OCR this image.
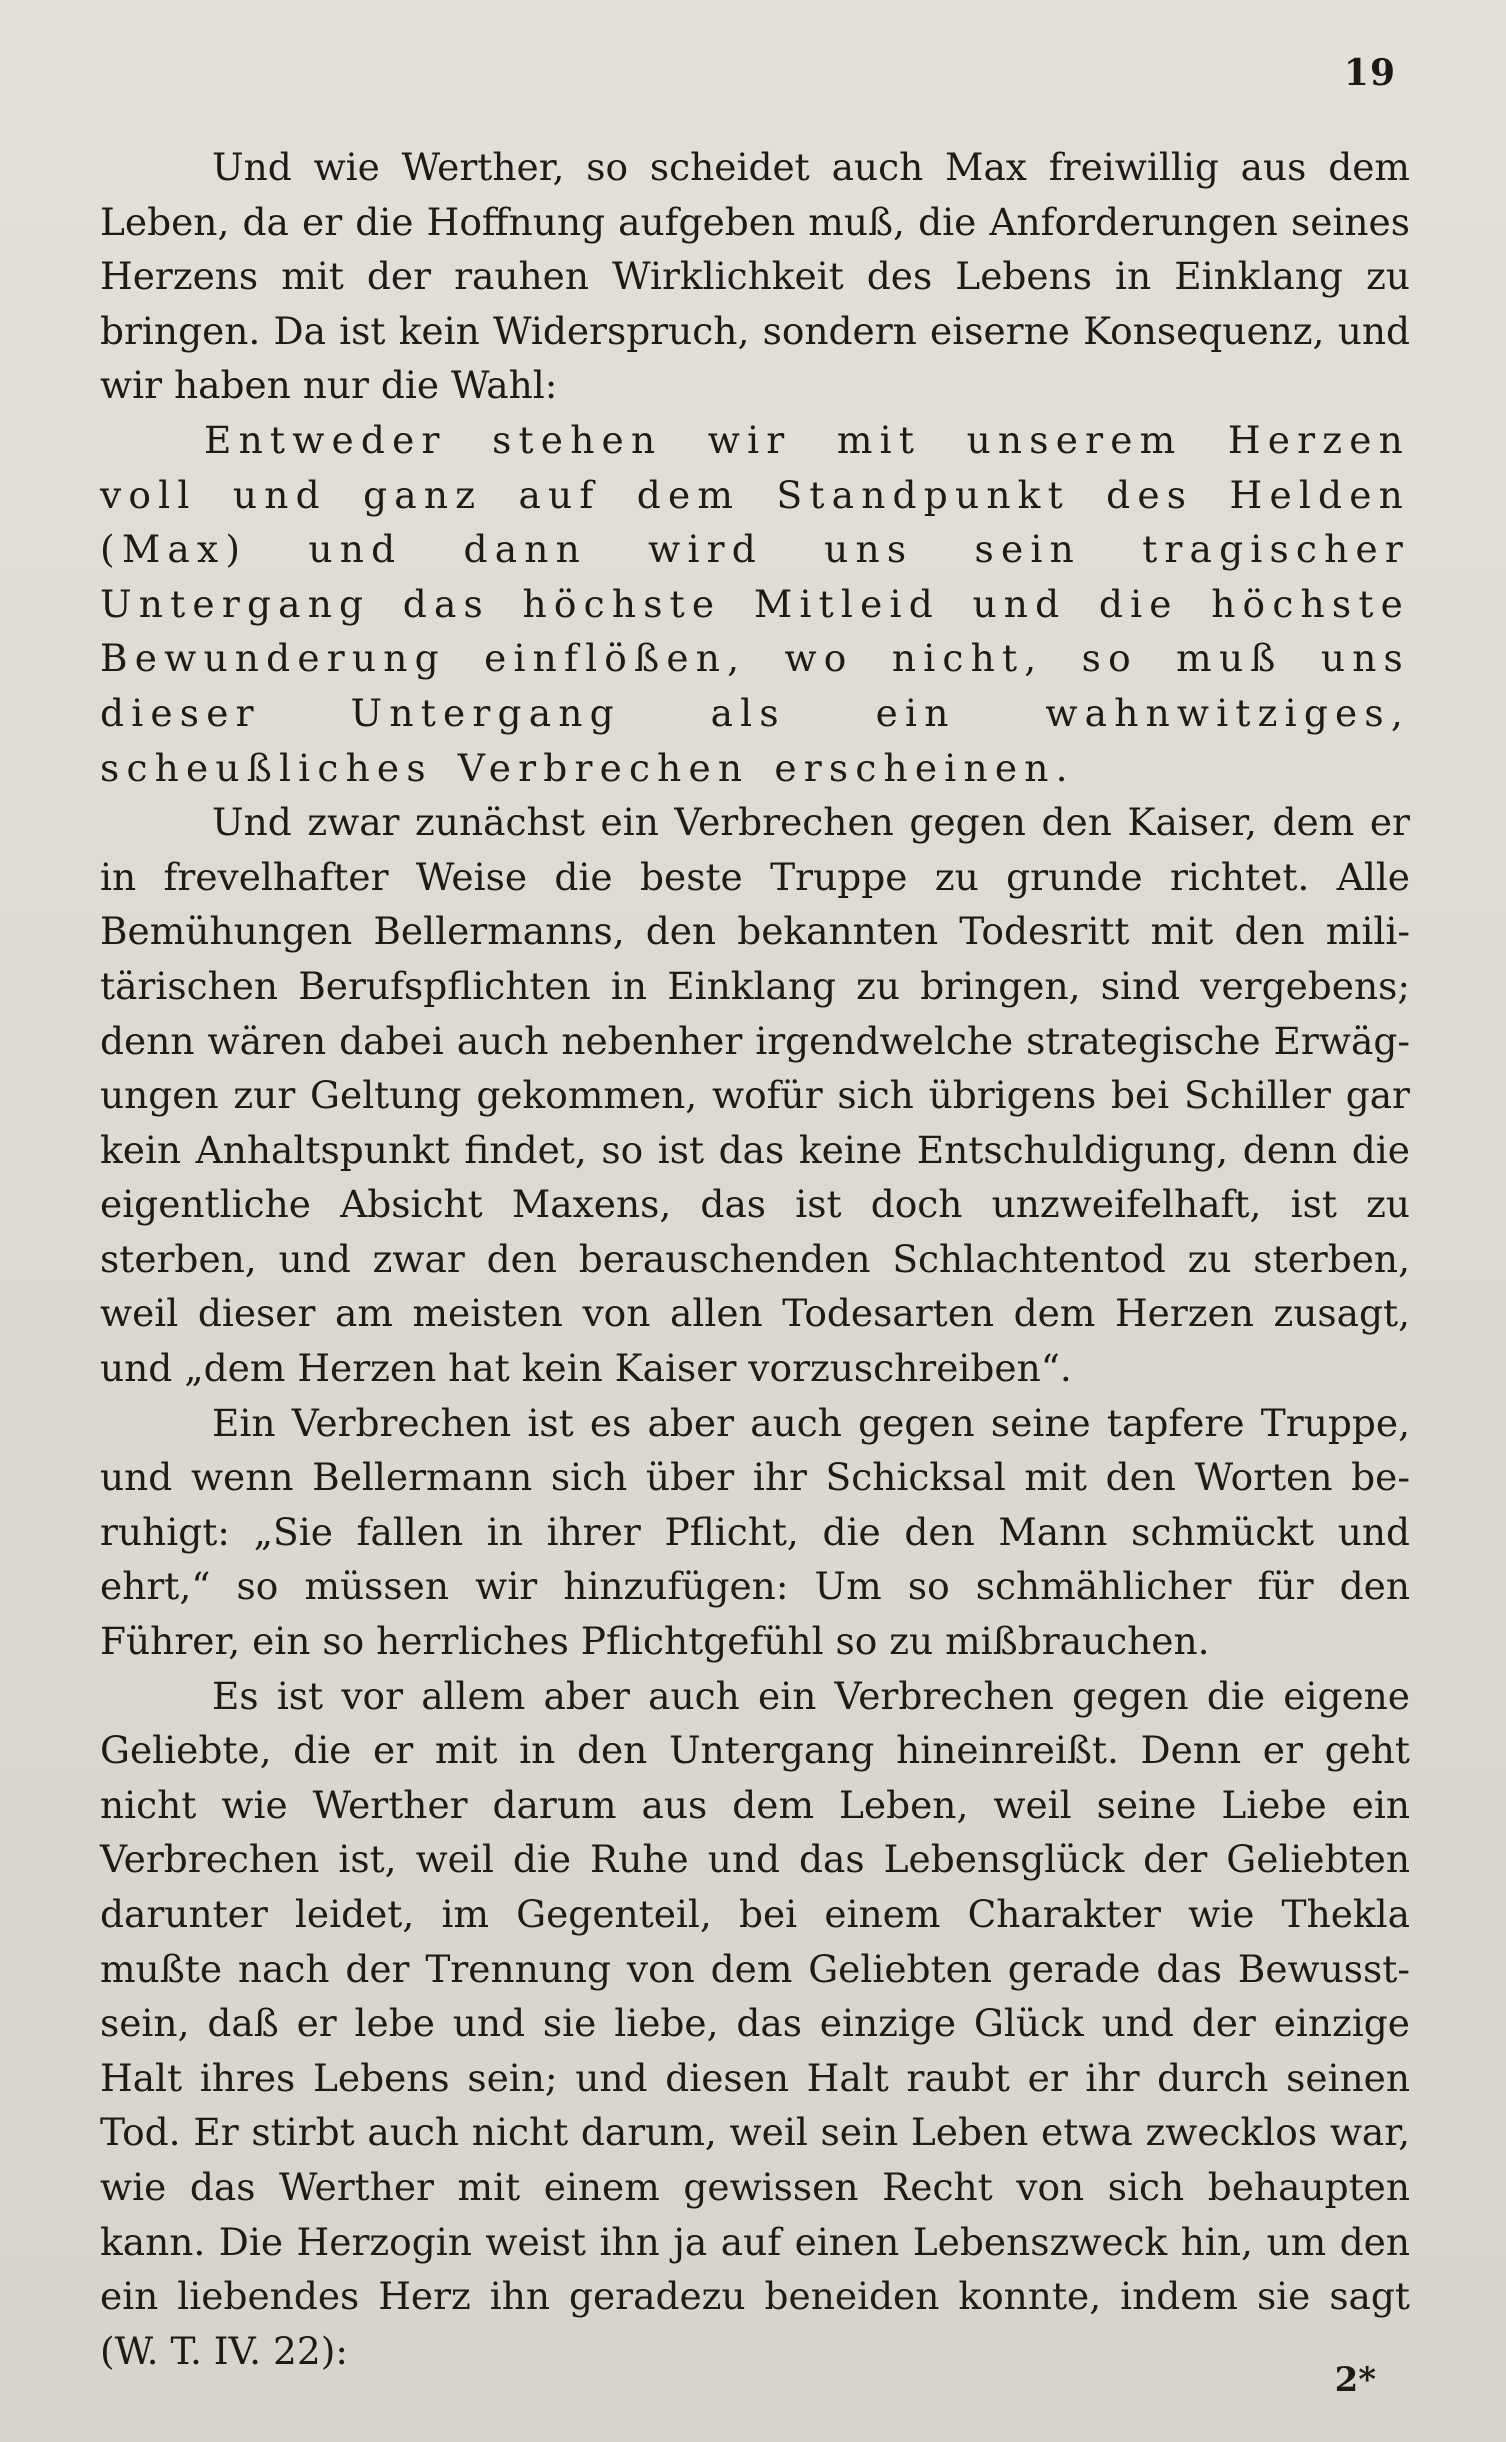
19

Und wie Werther, so scheidet auch Max freiwillig aus dem Leben, da er die Hoffnung aufgeben muß, die Anforderungen seines Herzens mit der rauhen Wirklichkeit des Lebens in Einklang zu bringen. Da ist kein Widerspruch, sondern eiserne Konsequenz, und wir haben nur die Wahl:

Entweder stehen wir mit unserem Herzen voll und ganz auf dem Standpunkt des Helden (Max) und dann wird uns sein tragischer Untergang das höchste Mitleid und die höchste Bewunderung einflößen, wo nicht, so muß uns dieser Untergang als ein wahnwitziges, scheußliches Verbrechen erscheinen.

Und zwar zunächst ein Verbrechen gegen den Kaiser, dem er in frevelhafter Weise die beste Truppe zu grunde richtet. Alle Bemühungen Bellermanns, den bekannten Todesritt mit den militärischen Berufspflichten in Einklang zu bringen, sind vergebens; denn wären dabei auch nebenher irgendwelche strategische Erwägungen zur Geltung gekommen, wofür sich übrigens bei Schiller gar kein Anhaltspunkt findet, so ist das keine Entschuldigung, denn die eigentliche Absicht Maxens, das ist doch unzweifelhaft, ist zu sterben, und zwar den berauschenden Schlachtentod zu sterben, weil dieser am meisten von allen Todesarten dem Herzen zusagt, und „dem Herzen hat kein Kaiser vorzuschreiben“.

Ein Verbrechen ist es aber auch gegen seine tapfere Truppe, und wenn Bellermann sich über ihr Schicksal mit den Worten beruhigt: „Sie fallen in ihrer Pflicht, die den Mann schmückt und ehrt,“ so müssen wir hinzufügen: Um so schmählicher für den Führer, ein so herrliches Pflichtgefühl so zu mißbrauchen.

Es ist vor allem aber auch ein Verbrechen gegen die eigene Geliebte, die er mit in den Untergang hineinreißt. Denn er geht nicht wie Werther darum aus dem Leben, weil seine Liebe ein Verbrechen ist, weil die Ruhe und das Lebensglück der Geliebten darunter leidet, im Gegenteil, bei einem Charakter wie Thekla mußte nach der Trennung von dem Geliebten gerade das Bewusstsein, daß er lebe und sie liebe, das einzige Glück und der einzige Halt ihres Lebens sein; und diesen Halt raubt er ihr durch seinen Tod. Er stirbt auch nicht darum, weil sein Leben etwa zwecklos war, wie das Werther mit einem gewissen Recht von sich behaupten kann. Die Herzogin weist ihn ja auf einen Lebenszweck hin, um den ein liebendes Herz ihn geradezu beneiden konnte, indem sie sagt (W. T. IV. 22):

2*
